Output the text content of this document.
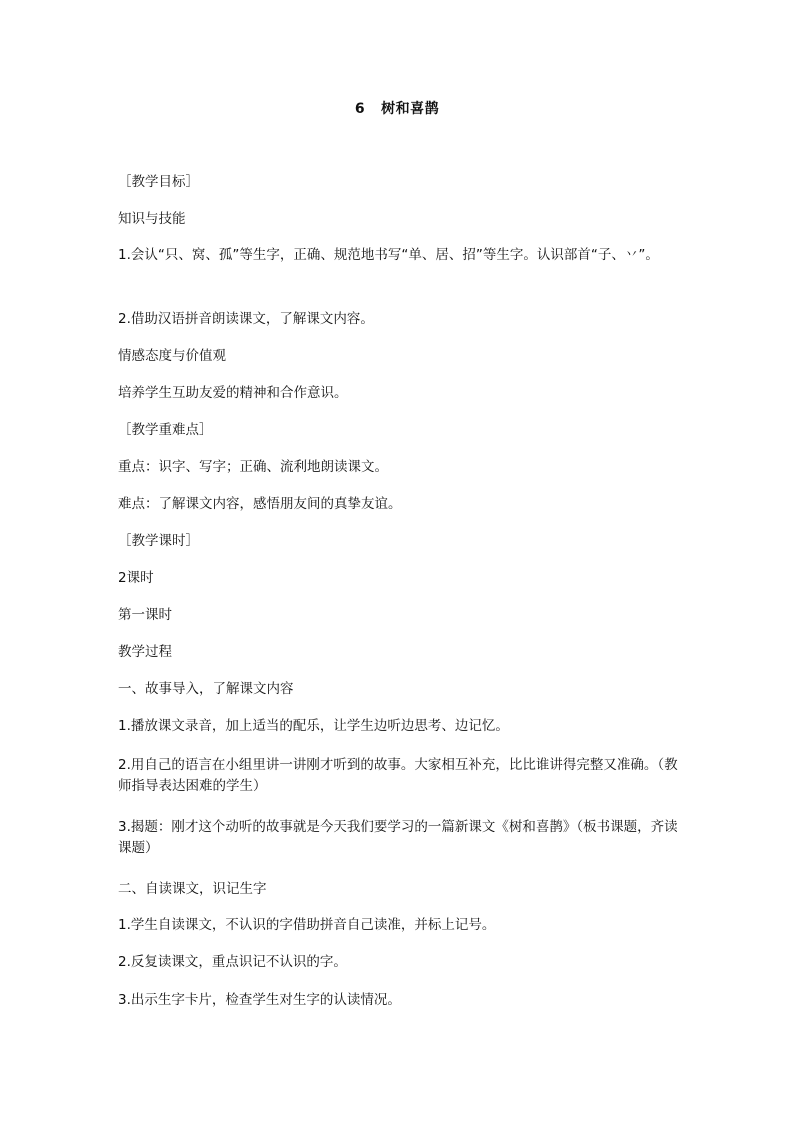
6 树和喜鹊
［教学目标］
知识与技能
1.会认“只、窝、孤”等生字，正确、规范地书写“单、居、招”等生字。认识部首“子、丷”。
2.借助汉语拼音朗读课文，了解课文内容。
情感态度与价值观
培养学生互助友爱的精神和合作意识。
［教学重难点］
重点：识字、写字；正确、流利地朗读课文。
难点：了解课文内容，感悟朋友间的真挚友谊。
［教学课时］
2课时
第一课时
教学过程
一、故事导入，了解课文内容
1.播放课文录音，加上适当的配乐，让学生边听边思考、边记忆。
2.用自己的语言在小组里讲一讲刚才听到的故事。大家相互补充，比比谁讲得完整又准确。（教师指导表达困难的学生）
3.揭题：刚才这个动听的故事就是今天我们要学习的一篇新课文《树和喜鹊》（板书课题，齐读课题）
二、自读课文，识记生字
1.学生自读课文，不认识的字借助拼音自己读准，并标上记号。
2.反复读课文，重点识记不认识的字。
3.出示生字卡片，检查学生对生字的认读情况。
